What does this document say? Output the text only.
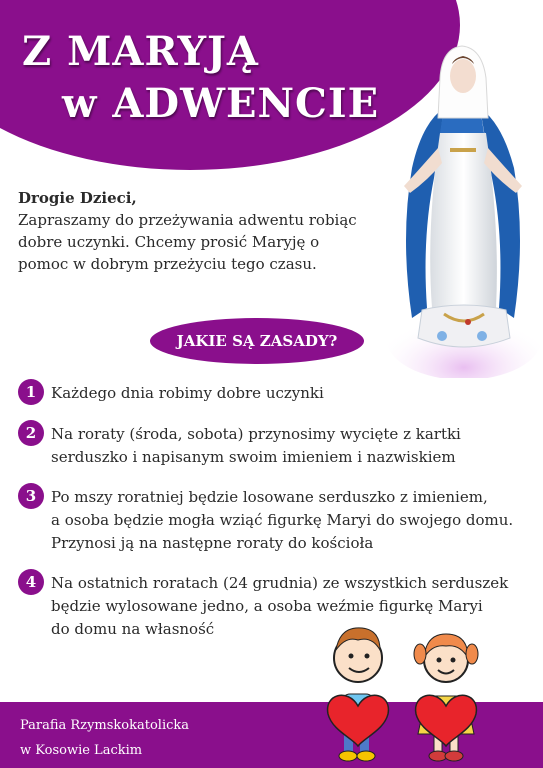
Z MARYJĄ
w ADWENCIE
Drogie Dzieci,
Zapraszamy do przeżywania adwentu robiąc dobre uczynki. Chcemy prosić Maryję o pomoc w dobrym przeżyciu tego czasu.
JAKIE SĄ ZASADY?
1 Każdego dnia robimy dobre uczynki
2 Na roraty (środa, sobota) przynosimy wycięte z kartki
serduszko i napisanym swoim imieniem i nazwiskiem
3 Po mszy roratniej będzie losowane serduszko z imieniem,
a osoba będzie mogła wziąć figurkę Maryi do swojego domu.
Przynosi ją na następne roraty do kościoła
4 Na ostatnich roratach (24 grudnia) ze wszystkich serduszek
będzie wylosowane jedno, a osoba weźmie figurkę Maryi
do domu na własność
Parafia Rzymskokatolicka
w Kosowie Lackim
